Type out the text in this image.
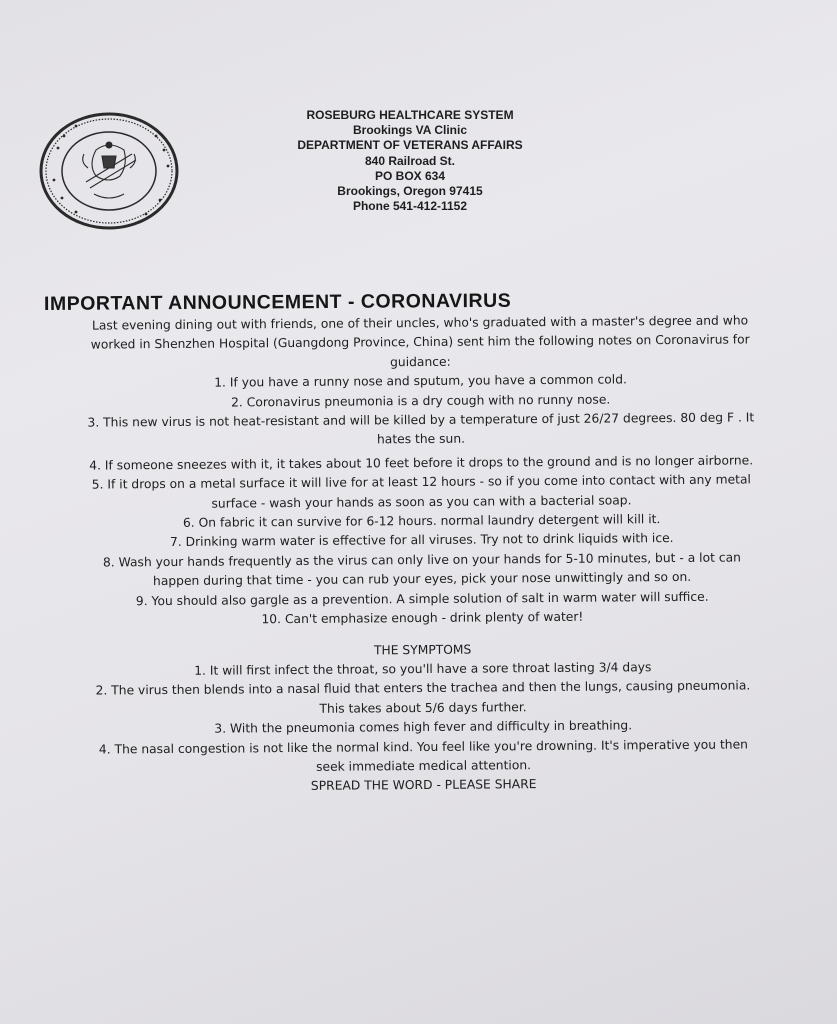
ROSEBURG HEALTHCARE SYSTEM
Brookings VA Clinic
DEPARTMENT OF VETERANS AFFAIRS
840 Railroad St.
PO BOX 634
Brookings, Oregon 97415
Phone 541-412-1152
IMPORTANT ANNOUNCEMENT - CORONAVIRUS

Last evening dining out with friends, one of their uncles, who's graduated with a master's degree and who

worked in Shenzhen Hospital (Guangdong Province, China) sent him the following notes on Coronavirus for

guidance:

1. If you have a runny nose and sputum, you have a common cold.

2. Coronavirus pneumonia is a dry cough with no runny nose.

3. This new virus is not heat-resistant and will be killed by a temperature of just 26/27 degrees. 80 deg F . It

hates the sun.

4. If someone sneezes with it, it takes about 10 feet before it drops to the ground and is no longer airborne.

5. If it drops on a metal surface it will live for at least 12 hours - so if you come into contact with any metal

surface - wash your hands as soon as you can with a bacterial soap.

6. On fabric it can survive for 6-12 hours. normal laundry detergent will kill it.

7. Drinking warm water is effective for all viruses. Try not to drink liquids with ice.

8. Wash your hands frequently as the virus can only live on your hands for 5-10 minutes, but - a lot can

happen during that time - you can rub your eyes, pick your nose unwittingly and so on.

9. You should also gargle as a prevention. A simple solution of salt in warm water will suffice.

10. Can't emphasize enough - drink plenty of water!

THE SYMPTOMS

1. It will first infect the throat, so you'll have a sore throat lasting 3/4 days

2. The virus then blends into a nasal fluid that enters the trachea and then the lungs, causing pneumonia.

This takes about 5/6 days further.

3. With the pneumonia comes high fever and difficulty in breathing.

4. The nasal congestion is not like the normal kind. You feel like you're drowning. It's imperative you then

seek immediate medical attention.

SPREAD THE WORD - PLEASE SHARE
